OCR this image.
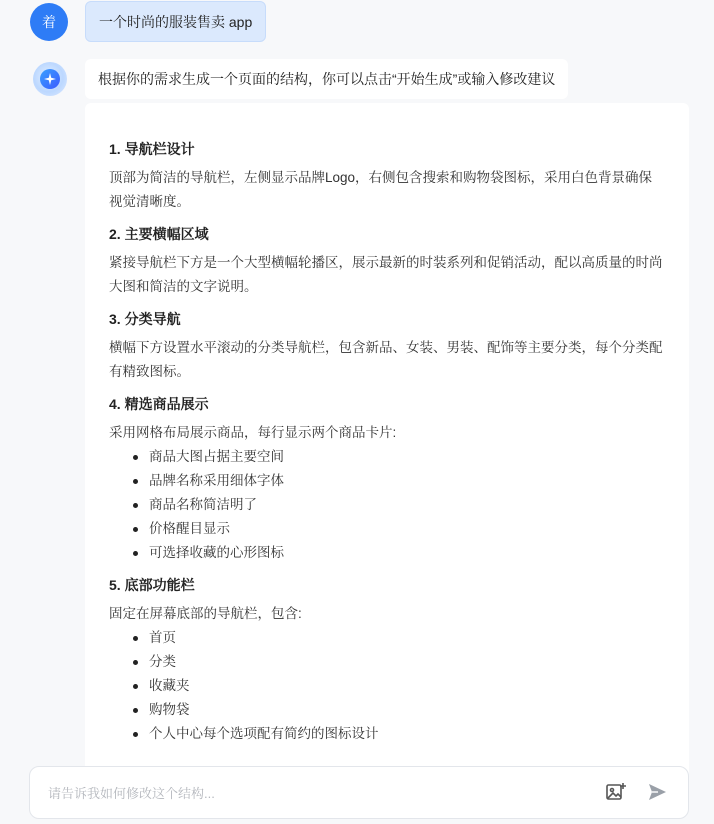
着	一个时尚的服装售卖 app
根据你的需求生成一个页面的结构，你可以点击“开始生成”或输入修改建议

1. 导航栏设计

顶部为简洁的导航栏，左侧显示品牌Logo，右侧包含搜索和购物袋图标，采用白色背景确保视觉清晰度。

2. 主要横幅区域

紧接导航栏下方是一个大型横幅轮播区，展示最新的时装系列和促销活动，配以高质量的时尚大图和简洁的文字说明。

3. 分类导航

横幅下方设置水平滚动的分类导航栏，包含新品、女装、男装、配饰等主要分类，每个分类配有精致图标。

4. 精选商品展示

采用网格布局展示商品，每行显示两个商品卡片:

商品大图占据主要空间
品牌名称采用细体字体
商品名称简洁明了
价格醒目显示
可选择收藏的心形图标

5. 底部功能栏

固定在屏幕底部的导航栏，包含:

首页
分类
收藏夹
购物袋
个人中心每个选项配有简约的图标设计
请告诉我如何修改这个结构...
